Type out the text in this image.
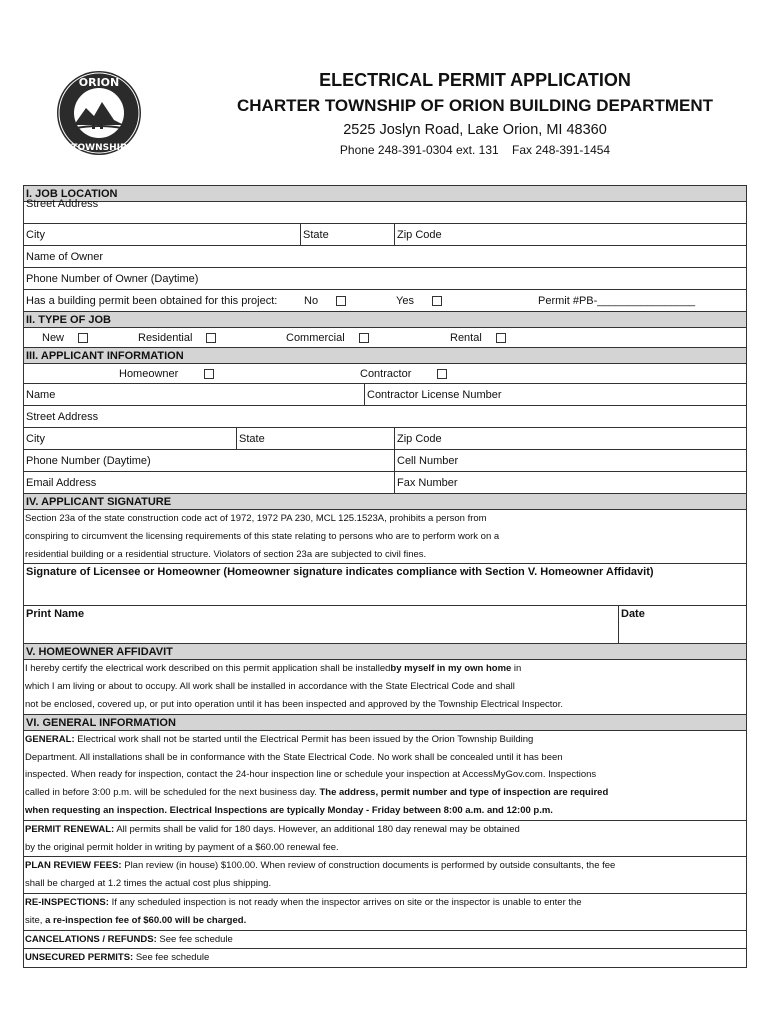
ORION
TOWNSHIP
ELECTRICAL PERMIT APPLICATION
CHARTER TOWNSHIP OF ORION BUILDING DEPARTMENT
2525 Joslyn Road, Lake Orion, MI 48360
Phone 248-391-0304 ext. 131    Fax 248-391-1454
I. JOB LOCATION
Street Address
City	State	Zip Code
Name of Owner
Phone Number of Owner (Daytime)
Has a building permit been obtained for this project: No	Yes	Permit #PB-________________
II. TYPE OF JOB
New	Residential	Commercial	Rental
III. APPLICANT INFORMATION
Homeowner	Contractor
Name	Contractor License Number
Street Address
City	State	Zip Code
Phone Number (Daytime)	Cell Number
Email Address	Fax Number
IV. APPLICANT SIGNATURE
Section 23a of the state construction code act of 1972, 1972 PA 230, MCL 125.1523A, prohibits a person from
conspiring to circumvent the licensing requirements of this state relating to persons who are to perform work on a
residential building or a residential structure. Violators of section 23a are subjected to civil fines.
Signature of Licensee or Homeowner (Homeowner signature indicates compliance with Section V. Homeowner Affidavit)
Print Name	Date
V. HOMEOWNER AFFIDAVIT
I hereby certify the electrical work described on this permit application shall be installedby myself in my own home in
which I am living or about to occupy. All work shall be installed in accordance with the State Electrical Code and shall
not be enclosed, covered up, or put into operation until it has been inspected and approved by the Township Electrical Inspector.
VI. GENERAL INFORMATION
GENERAL: Electrical work shall not be started until the Electrical Permit has been issued by the Orion Township Building
Department. All installations shall be in conformance with the State Electrical Code. No work shall be concealed until it has been
inspected. When ready for inspection, contact the 24-hour inspection line or schedule your inspection at AccessMyGov.com. Inspections
called in before 3:00 p.m. will be scheduled for the next business day. The address, permit number and type of inspection are required
when requesting an inspection. Electrical Inspections are typically Monday - Friday between 8:00 a.m. and 12:00 p.m.
PERMIT RENEWAL: All permits shall be valid for 180 days. However, an additional 180 day renewal may be obtained
by the original permit holder in writing by payment of a $60.00 renewal fee.
PLAN REVIEW FEES: Plan review (in house) $100.00. When review of construction documents is performed by outside consultants, the fee
shall be charged at 1.2 times the actual cost plus shipping.
RE-INSPECTIONS: If any scheduled inspection is not ready when the inspector arrives on site or the inspector is unable to enter the
site, a re-inspection fee of $60.00 will be charged.
CANCELATIONS / REFUNDS: See fee schedule
UNSECURED PERMITS: See fee schedule
